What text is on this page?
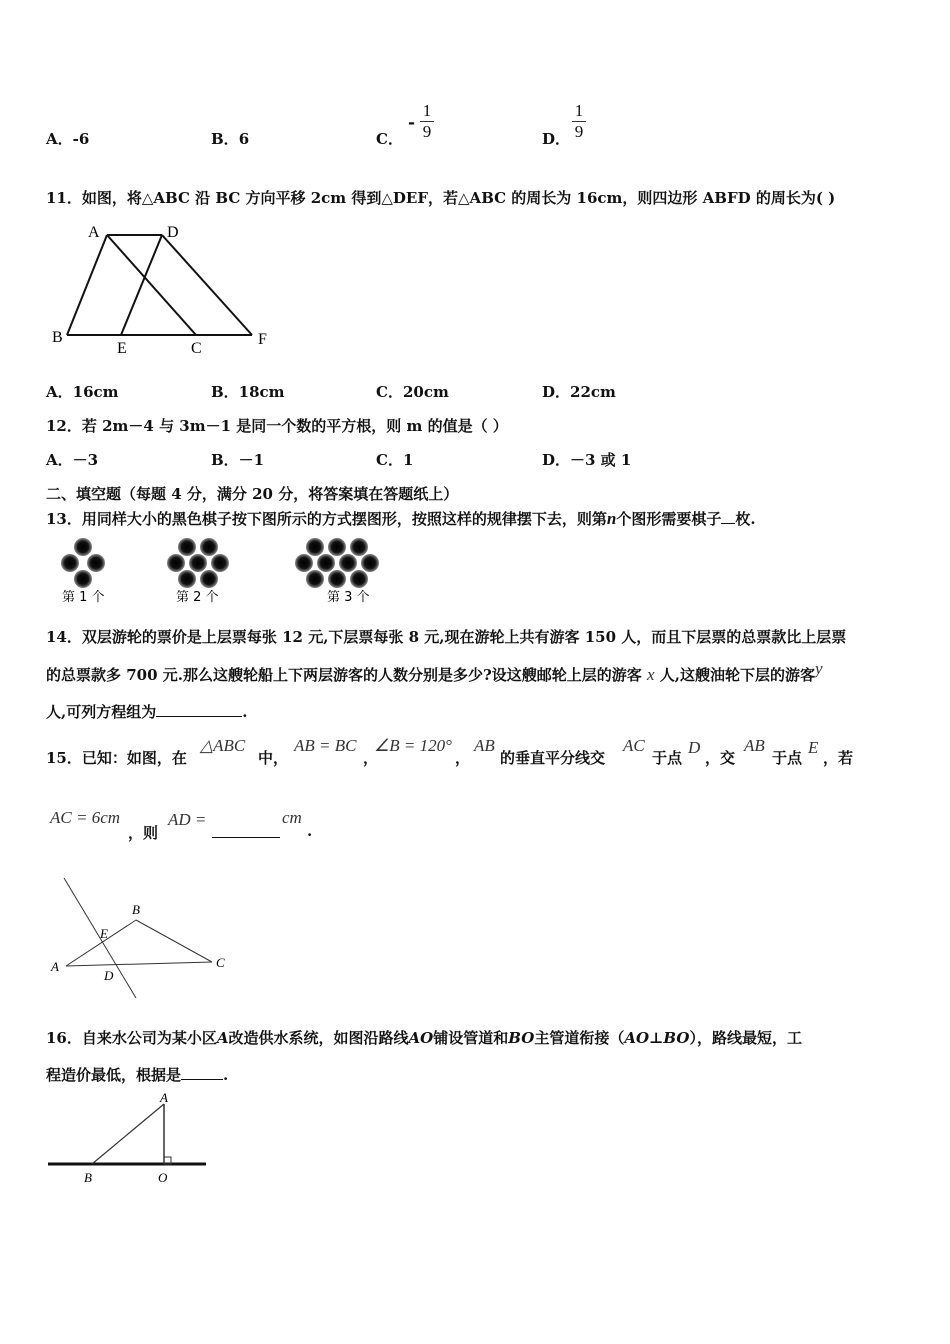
A．-6	B．6	C．
-
1
9	D．
1
9
11．如图，将△ABC 沿 BC 方向平移 2cm 得到△DEF，若△ABC 的周长为 16cm，则四边形 ABFD 的周长为( )
A	D
B
E	C
F
A．16cm	B．18cm	C．20cm	D．22cm
12．若 2m－4 与 3m－1 是同一个数的平方根，则 m 的值是（ ）
A．－3	B．－1	C．1	D．－3 或 1
二、填空题（每题 4 分，满分 20 分，将答案填在答题纸上）
13．用同样大小的黑色棋子按下图所示的方式摆图形，按照这样的规律摆下去，则第n个图形需要棋子 枚.
第 1 个	第 2 个	第 3 个
14．双层游轮的票价是上层票每张 12 元,下层票每张 8 元,现在游轮上共有游客 150 人，而且下层票的总票款比上层票
的总票款多 700 元.那么这艘轮船上下两层游客的人数分别是多少?设这艘邮轮上层的游客 x 人,这艘油轮下层的游客y
人,可列方程组为	.
15．已知：如图，在
△ABC
中，
AB = BC
，
∠B = 120°
，
AB
的垂直平分线交
AC
于点
D
，交
AB
于点
E
，若
AC = 6cm
，则
AD =	cm
.
B
E
A
D
C
16．自来水公司为某小区A改造供水系统，如图沿路线AO铺设管道和BO主管道衔接（AO⊥BO），路线最短，工
程造价最低，根据是	.
A
B	O
